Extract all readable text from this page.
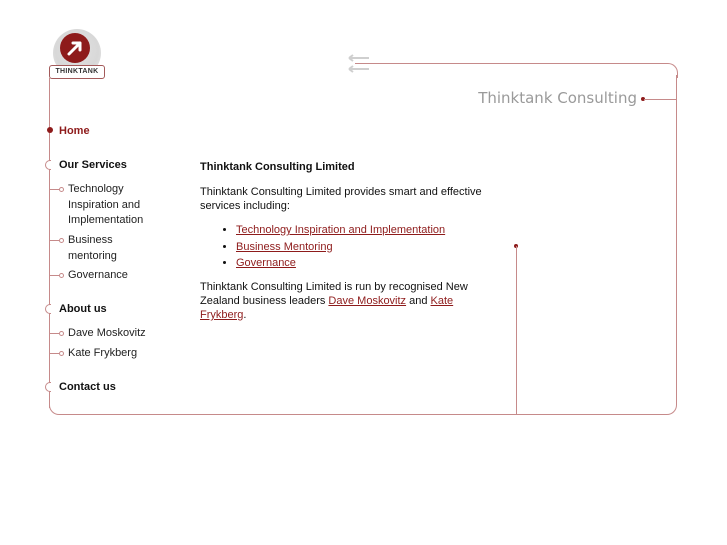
THINKTANK
Thinktank Consulting
Home
Our Services
Technology
Inspiration and
Implementation
Business
mentoring
Governance
About us
Dave Moskovitz
Kate Frykberg
Contact us
Thinktank Consulting Limited

Thinktank Consulting Limited provides smart and effective services including:

• Technology Inspiration and Implementation
• Business Mentoring
• Governance

Thinktank Consulting Limited is run by recognised New Zealand business leaders Dave Moskovitz and Kate Frykberg.
